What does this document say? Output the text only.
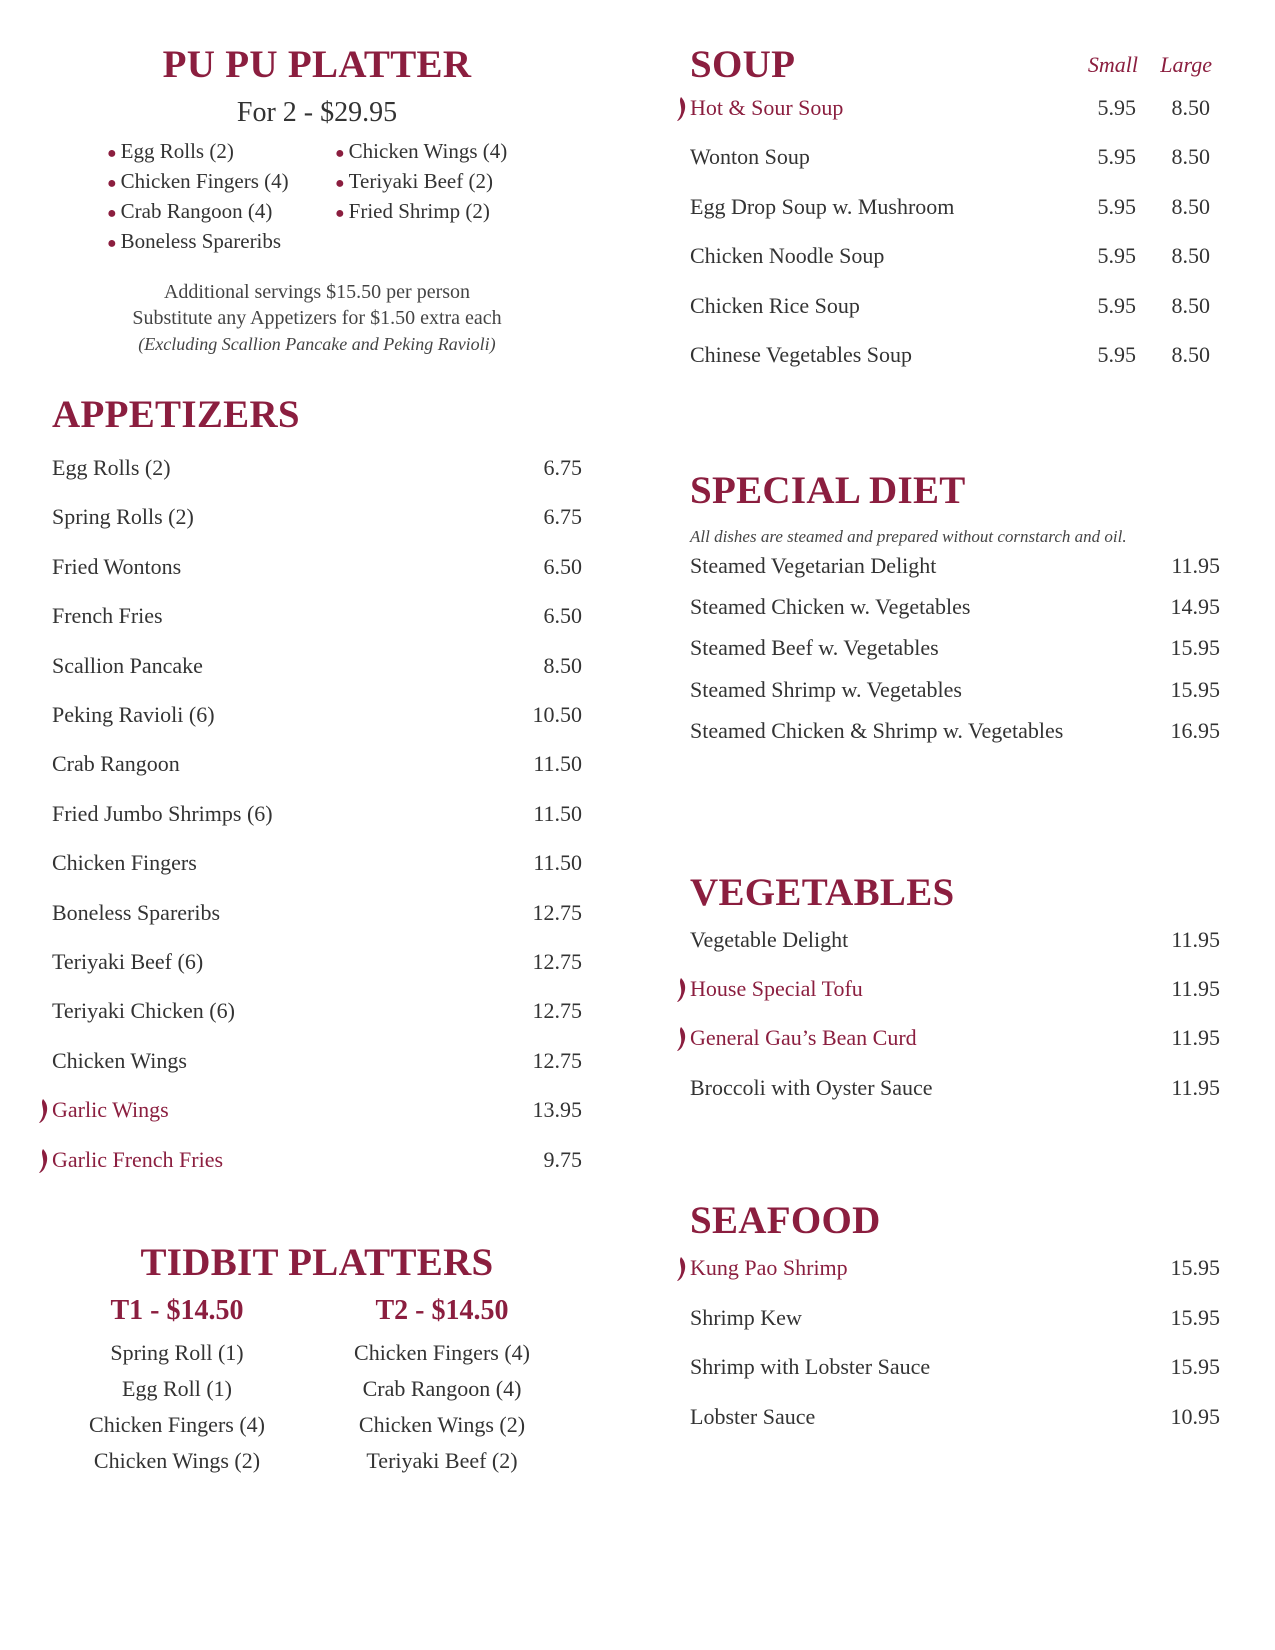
PU PU PLATTER
For 2 - $29.95
● Egg Rolls (2)
● Chicken Fingers (4)
● Crab Rangoon (4)
● Boneless Spareribs
● Chicken Wings (4)
● Teriyaki Beef (2)
● Fried Shrimp (2)
Additional servings $15.50 per person
Substitute any Appetizers for $1.50 extra each
(Excluding Scallion Pancake and Peking Ravioli)
APPETIZERS
Egg Rolls (2)	6.75
Spring Rolls (2)	6.75
Fried Wontons	6.50
French Fries	6.50
Scallion Pancake	8.50
Peking Ravioli (6)	10.50
Crab Rangoon	11.50
Fried Jumbo Shrimps (6)	11.50
Chicken Fingers	11.50
Boneless Spareribs	12.75
Teriyaki Beef (6)	12.75
Teriyaki Chicken (6)	12.75
Chicken Wings	12.75
Garlic Wings	13.95
Garlic French Fries	9.75
TIDBIT PLATTERS
T1 - $14.50
Spring Roll (1)
Egg Roll (1)
Chicken Fingers (4)
Chicken Wings (2)
T2 - $14.50
Chicken Fingers (4)
Crab Rangoon (4)
Chicken Wings (2)
Teriyaki Beef (2)
SOUP	Small Large
Hot & Sour Soup	5.95 8.50
Wonton Soup	5.95 8.50
Egg Drop Soup w. Mushroom	5.95 8.50
Chicken Noodle Soup	5.95 8.50
Chicken Rice Soup	5.95 8.50
Chinese Vegetables Soup	5.95 8.50
SPECIAL DIET
All dishes are steamed and prepared without cornstarch and oil.
Steamed Vegetarian Delight	11.95
Steamed Chicken w. Vegetables	14.95
Steamed Beef w. Vegetables	15.95
Steamed Shrimp w. Vegetables	15.95
Steamed Chicken & Shrimp w. Vegetables	16.95
VEGETABLES
Vegetable Delight	11.95
House Special Tofu	11.95
General Gau’s Bean Curd	11.95
Broccoli with Oyster Sauce	11.95
SEAFOOD
Kung Pao Shrimp	15.95
Shrimp Kew	15.95
Shrimp with Lobster Sauce	15.95
Lobster Sauce	10.95
